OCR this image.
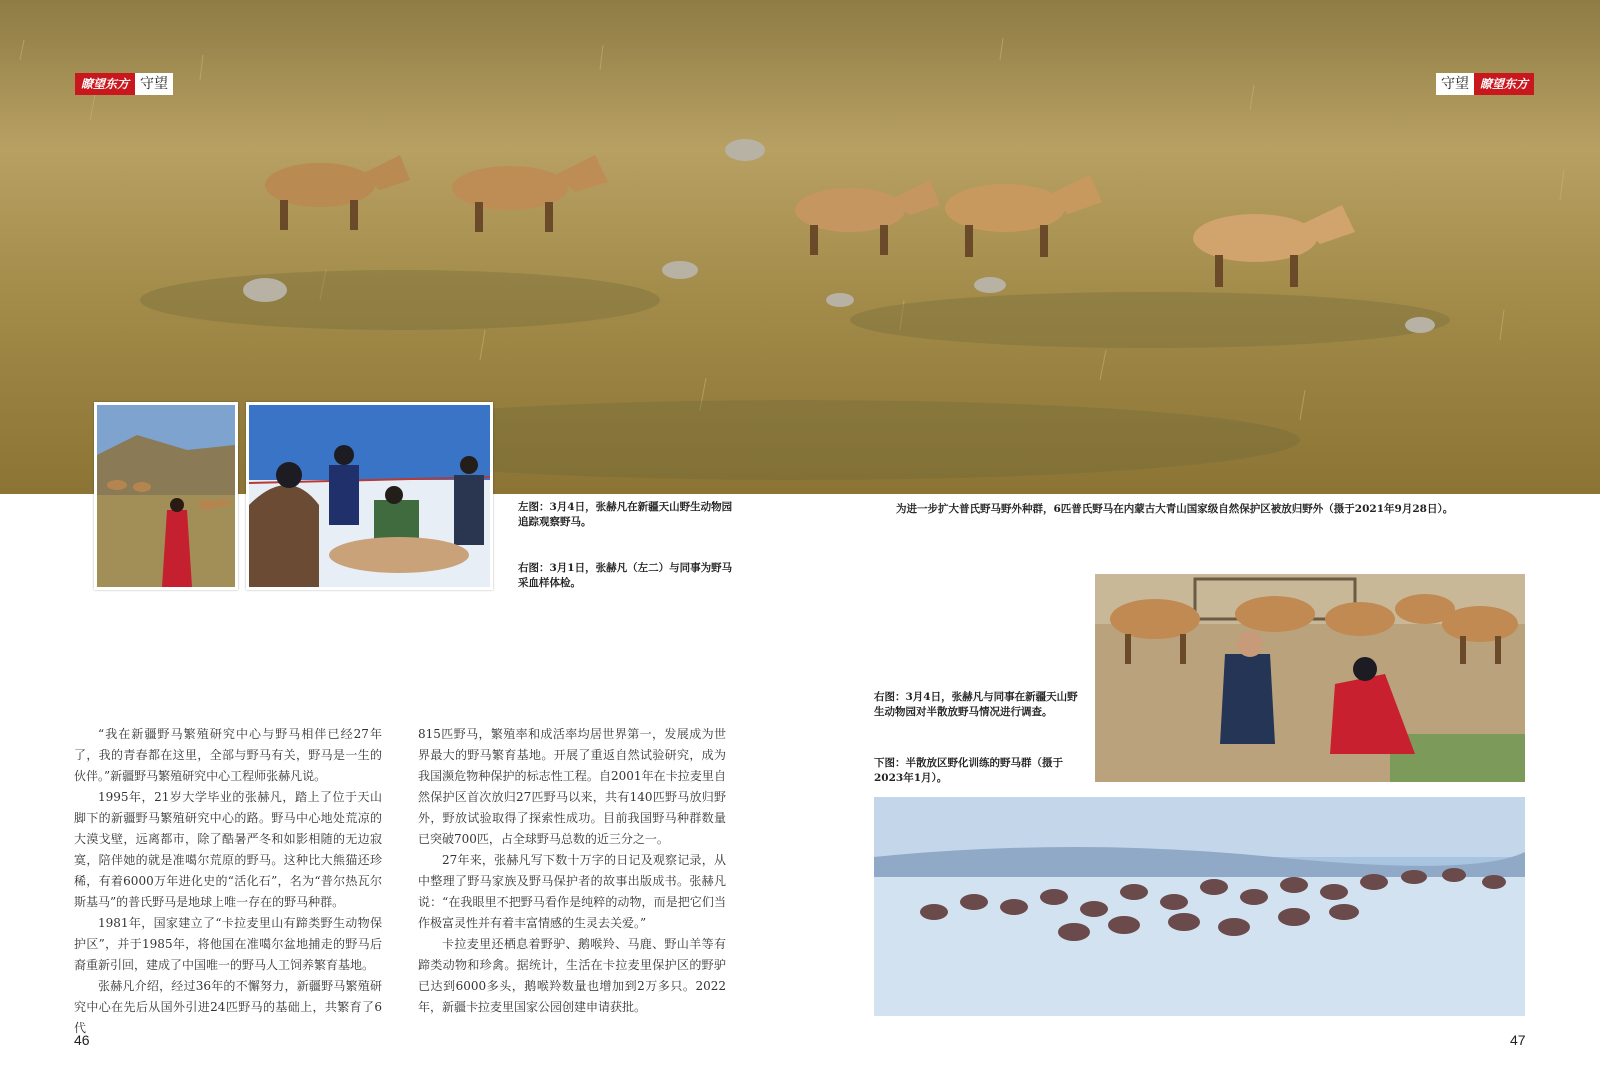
瞭望东方 守望	守望 瞭望东方
左图：3月4日，张赫凡在新疆天山野生动物园追踪观察野马。
右图：3月1日，张赫凡（左二）与同事为野马采血样体检。
为进一步扩大普氏野马野外种群，6匹普氏野马在内蒙古大青山国家级自然保护区被放归野外（摄于2021年9月28日）。

“我在新疆野马繁殖研究中心与野马相伴已经27年了，我的青春都在这里，全部与野马有关，野马是一生的伙伴。”新疆野马繁殖研究中心工程师张赫凡说。

1995年，21岁大学毕业的张赫凡，踏上了位于天山脚下的新疆野马繁殖研究中心的路。野马中心地处荒凉的大漠戈壁，远离都市，除了酷暑严冬和如影相随的无边寂寞，陪伴她的就是准噶尔荒原的野马。这种比大熊猫还珍稀，有着6000万年进化史的“活化石”，名为“普尔热瓦尔斯基马”的普氏野马是地球上唯一存在的野马种群。

1981年，国家建立了“卡拉麦里山有蹄类野生动物保护区”，并于1985年，将他国在准噶尔盆地捕走的野马后裔重新引回，建成了中国唯一的野马人工饲养繁育基地。

张赫凡介绍，经过36年的不懈努力，新疆野马繁殖研究中心在先后从国外引进24匹野马的基础上，共繁育了6代

815匹野马，繁殖率和成活率均居世界第一，发展成为世界最大的野马繁育基地。开展了重返自然试验研究，成为我国濒危物种保护的标志性工程。自2001年在卡拉麦里自然保护区首次放归27匹野马以来，共有140匹野马放归野外，野放试验取得了探索性成功。目前我国野马种群数量已突破700匹，占全球野马总数的近三分之一。

27年来，张赫凡写下数十万字的日记及观察记录，从中整理了野马家族及野马保护者的故事出版成书。张赫凡说：“在我眼里不把野马看作是纯粹的动物，而是把它们当作极富灵性并有着丰富情感的生灵去关爱。”

卡拉麦里还栖息着野驴、鹅喉羚、马鹿、野山羊等有蹄类动物和珍禽。据统计，生活在卡拉麦里保护区的野驴已达到6000多头，鹅喉羚数量也增加到2万多只。2022年，新疆卡拉麦里国家公园创建申请获批。

右图：3月4日，张赫凡与同事在新疆天山野生动物园对半散放野马情况进行调查。
下图：半散放区野化训练的野马群（摄于2023年1月）。
46	47
